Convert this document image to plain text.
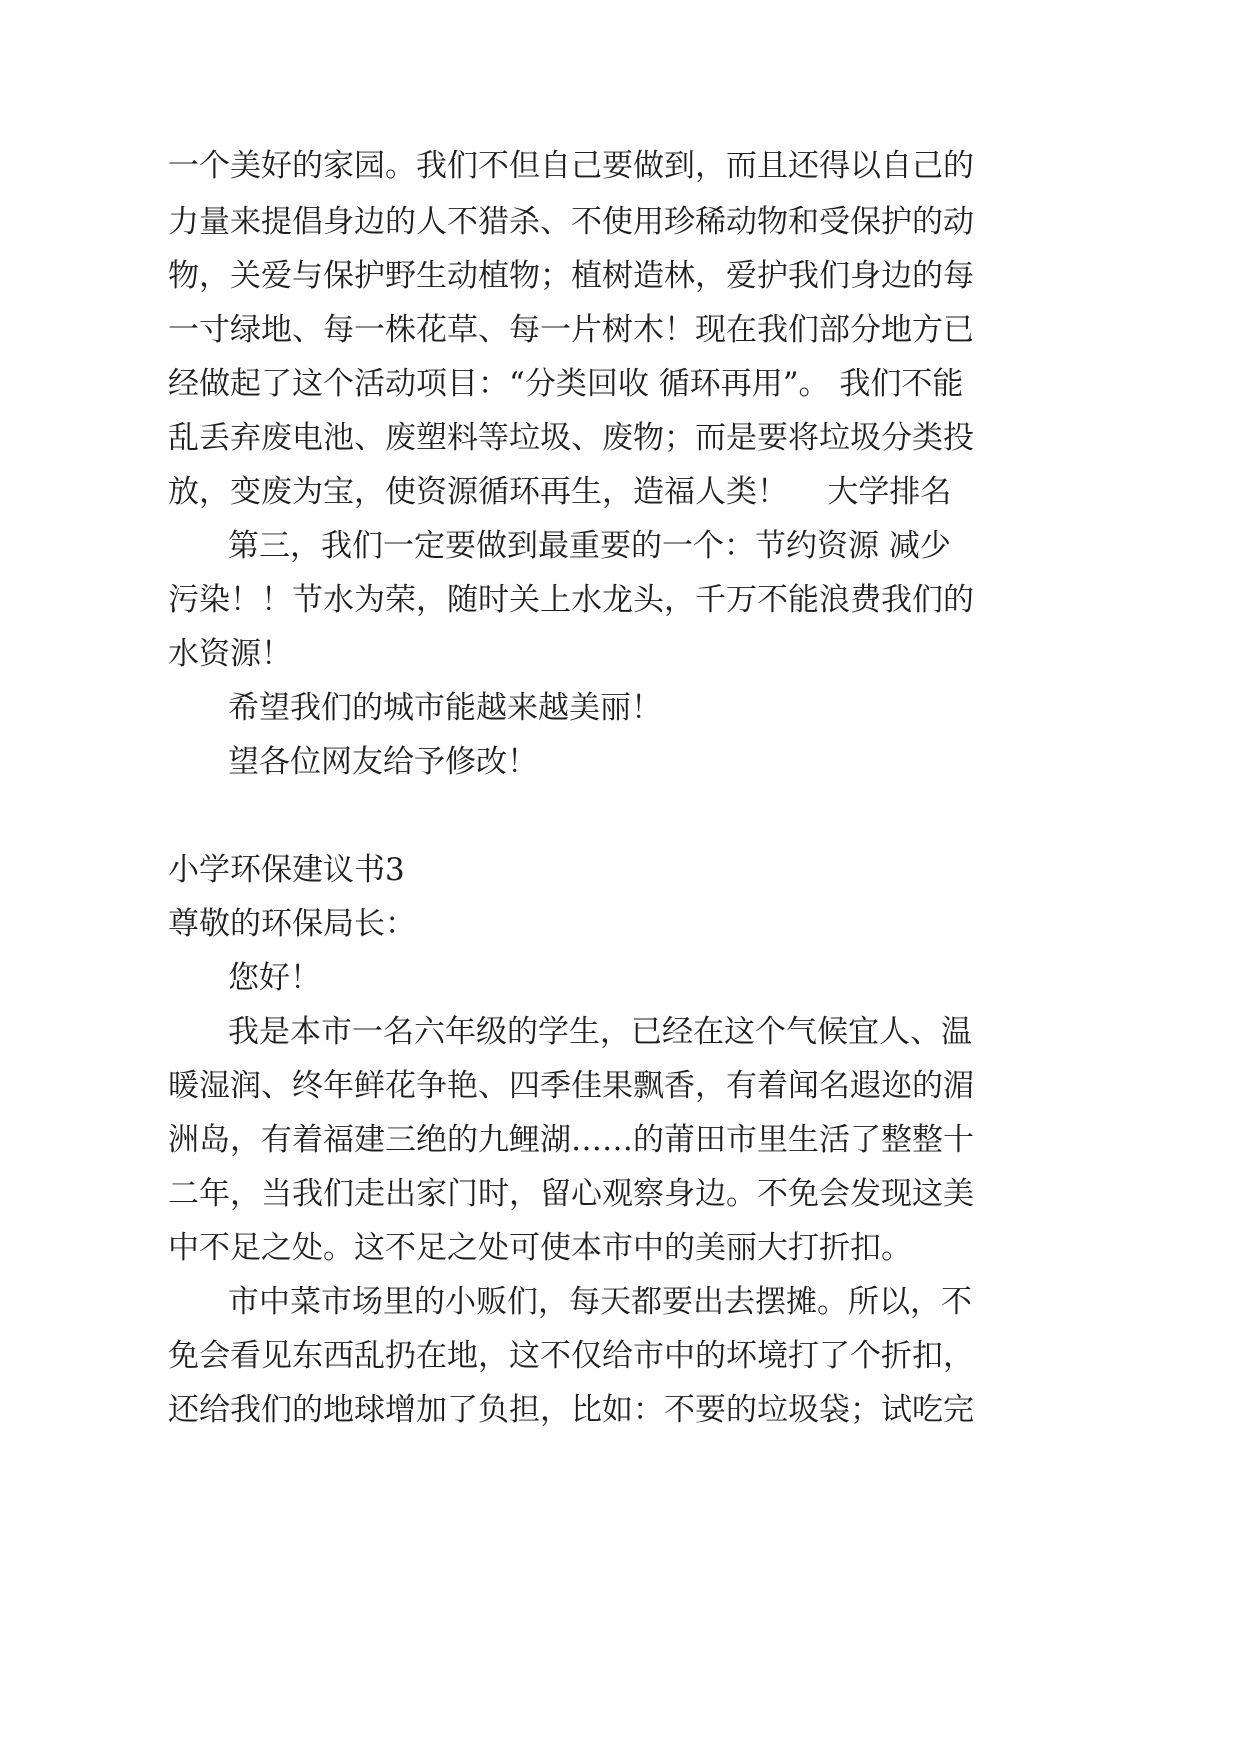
一个美好的家园。我们不但自己要做到，而且还得以自己的
力量来提倡身边的人不猎杀、不使用珍稀动物和受保护的动
物，关爱与保护野生动植物；植树造林，爱护我们身边的每
一寸绿地、每一株花草、每一片树木！现在我们部分地方已
经做起了这个活动项目：“分类回收 循环再用”。 我们不能
乱丢弃废电池、废塑料等垃圾、废物；而是要将垃圾分类投
放，变废为宝，使资源循环再生，造福人类！    大学排名
第三，我们一定要做到最重要的一个：节约资源 减少
污染！！节水为荣，随时关上水龙头，千万不能浪费我们的
水资源！
希望我们的城市能越来越美丽！
望各位网友给予修改！
小学环保建议书3
尊敬的环保局长：
您好！
我是本市一名六年级的学生，已经在这个气候宜人、温
暖湿润、终年鲜花争艳、四季佳果飘香，有着闻名遐迩的湄
洲岛，有着福建三绝的九鲤湖……的莆田市里生活了整整十
二年，当我们走出家门时，留心观察身边。不免会发现这美
中不足之处。这不足之处可使本市中的美丽大打折扣。
市中菜市场里的小贩们，每天都要出去摆摊。所以，不
免会看见东西乱扔在地，这不仅给市中的坏境打了个折扣，
还给我们的地球增加了负担，比如：不要的垃圾袋；试吃完
